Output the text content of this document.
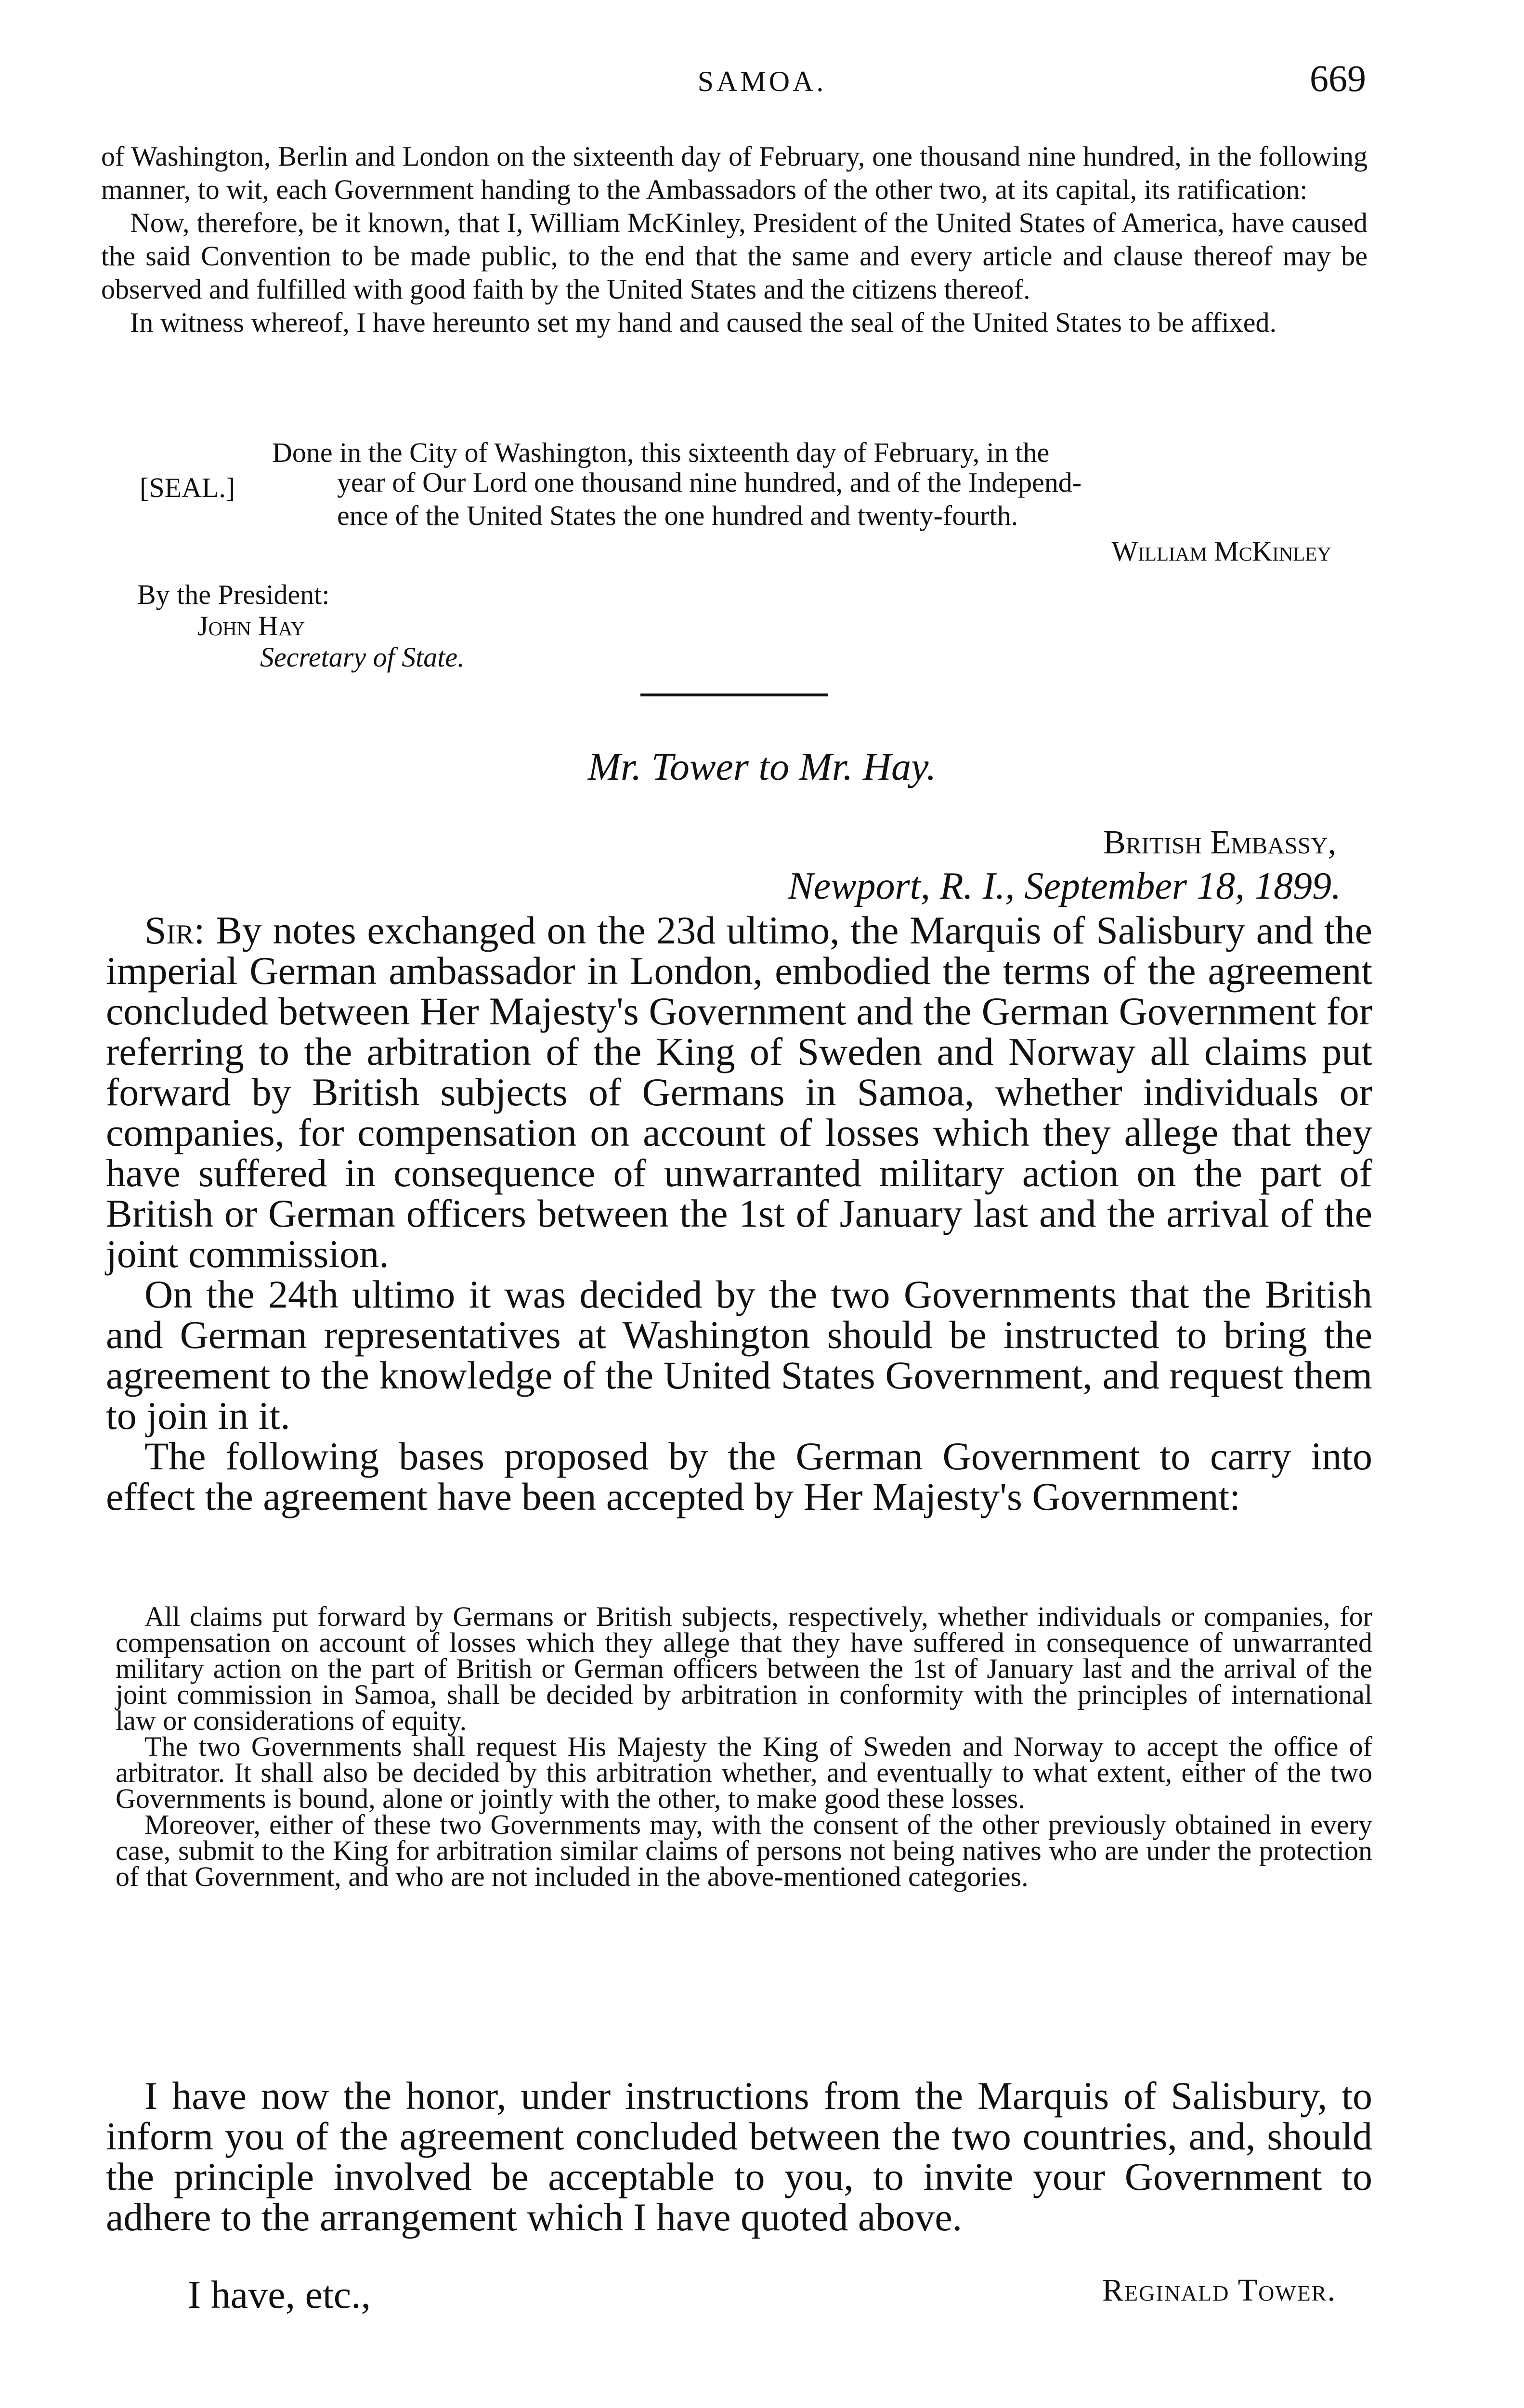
SAMOA.	669

of Washington, Berlin and London on the sixteenth day of February, one thousand nine hundred, in the following manner, to wit, each Government handing to the Ambassadors of the other two, at its capital, its ratification:

Now, therefore, be it known, that I, William McKinley, President of the United States of America, have caused the said Convention to be made public, to the end that the same and every article and clause thereof may be observed and fulfilled with good faith by the United States and the citizens thereof.

In witness whereof, I have hereunto set my hand and caused the seal of the United States to be affixed.

Done in the City of Washington, this sixteenth day of February, in the
[SEAL.]	year of Our Lord one thousand nine hundred, and of the Independ-
ence of the United States the one hundred and twenty-fourth.
William McKinley
By the President:
John Hay
Secretary of State.
Mr. Tower to Mr. Hay.
British Embassy,
Newport, R. I., September 18, 1899.

Sir: By notes exchanged on the 23d ultimo, the Marquis of Salisbury and the imperial German ambassador in London, embodied the terms of the agreement concluded between Her Majesty's Government and the German Government for referring to the arbitration of the King of Sweden and Norway all claims put forward by British subjects of Germans in Samoa, whether individuals or companies, for compensation on account of losses which they allege that they have suffered in consequence of unwarranted military action on the part of British or German officers between the 1st of January last and the arrival of the joint commission.

On the 24th ultimo it was decided by the two Governments that the British and German representatives at Washington should be instructed to bring the agreement to the knowledge of the United States Government, and request them to join in it.

The following bases proposed by the German Government to carry into effect the agreement have been accepted by Her Majesty's Government:

All claims put forward by Germans or British subjects, respectively, whether individuals or companies, for compensation on account of losses which they allege that they have suffered in consequence of unwarranted military action on the part of British or German officers between the 1st of January last and the arrival of the joint commission in Samoa, shall be decided by arbitration in conformity with the principles of international law or considerations of equity.

The two Governments shall request His Majesty the King of Sweden and Norway to accept the office of arbitrator. It shall also be decided by this arbitration whether, and eventually to what extent, either of the two Governments is bound, alone or jointly with the other, to make good these losses.

Moreover, either of these two Governments may, with the consent of the other previously obtained in every case, submit to the King for arbitration similar claims of persons not being natives who are under the protection of that Government, and who are not included in the above-mentioned categories.

I have now the honor, under instructions from the Marquis of Salisbury, to inform you of the agreement concluded between the two countries, and, should the principle involved be acceptable to you, to invite your Government to adhere to the arrangement which I have quoted above.

I have, etc.,	Reginald Tower.
